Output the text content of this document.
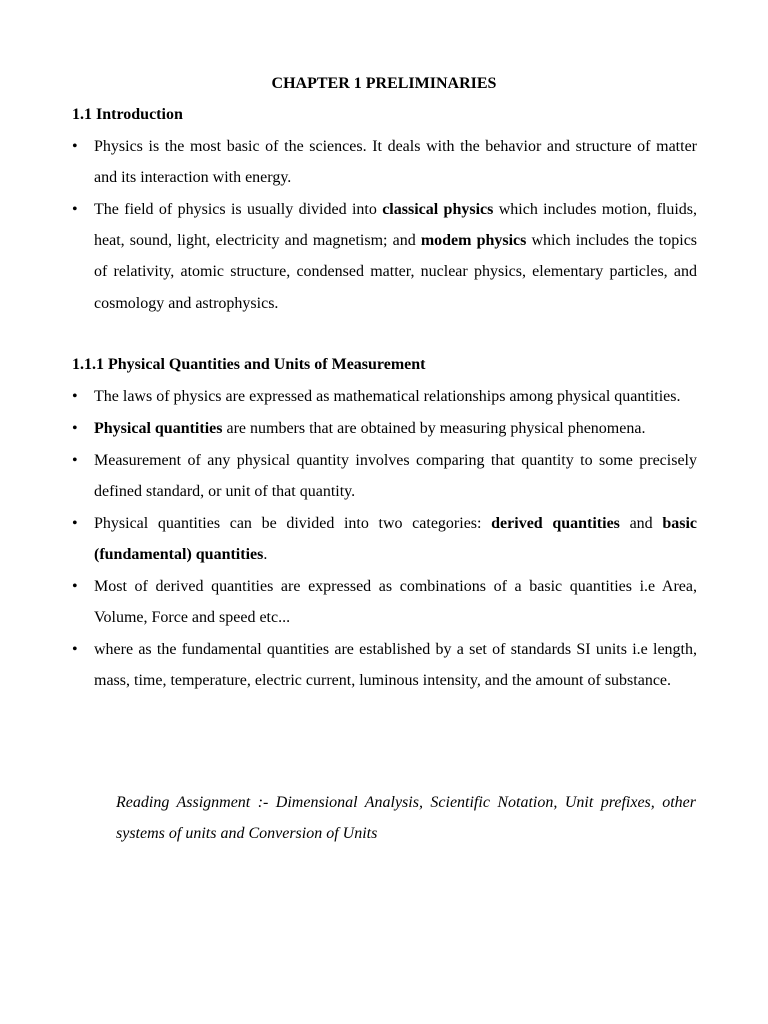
CHAPTER 1 PRELIMINARIES

1.1 Introduction

• Physics is the most basic of the sciences. It deals with the behavior and structure of matter and its interaction with energy.
• The field of physics is usually divided into classical physics which includes motion, fluids, heat, sound, light, electricity and magnetism; and modem physics which includes the topics of relativity, atomic structure, condensed matter, nuclear physics, elementary particles, and cosmology and astrophysics.

1.1.1 Physical Quantities and Units of Measurement

• The laws of physics are expressed as mathematical relationships among physical quantities.
• Physical quantities are numbers that are obtained by measuring physical phenomena.
• Measurement of any physical quantity involves comparing that quantity to some precisely defined standard, or unit of that quantity.
• Physical quantities can be divided into two categories: derived quantities and basic (fundamental) quantities.
• Most of derived quantities are expressed as combinations of a basic quantities i.e Area, Volume, Force and speed etc...
• where as the fundamental quantities are established by a set of standards SI units i.e length, mass, time, temperature, electric current, luminous intensity, and the amount of substance.

Reading Assignment :- Dimensional Analysis, Scientific Notation, Unit prefixes, other systems of units and Conversion of Units
